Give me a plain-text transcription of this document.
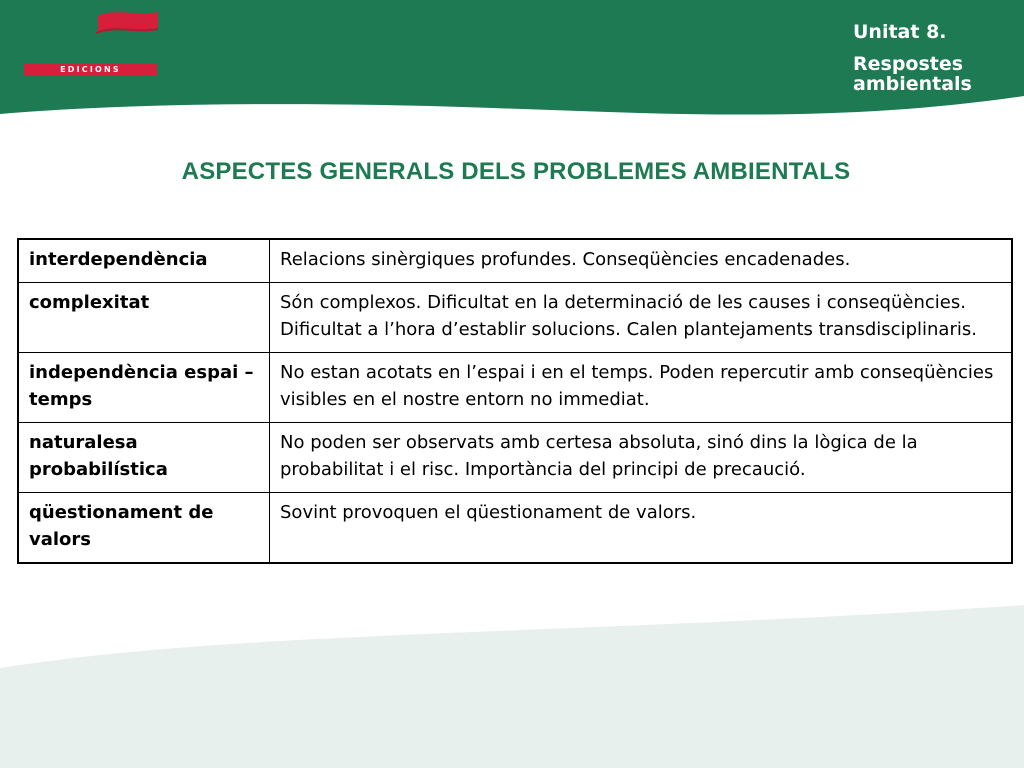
Castellnou
EDICIONS
Unitat 8.
Respostes ambientals
ASPECTES GENERALS DELS PROBLEMES AMBIENTALS
interdependència	Relacions sinèrgiques profundes. Conseqüències encadenades.
complexitat	Són complexos. Dificultat en la determinació de les causes i conseqüències. Dificultat a l’hora d’establir solucions. Calen plantejaments transdisciplinaris.
independència espai – temps	No estan acotats en l’espai i en el temps. Poden repercutir amb conseqüències visibles en el nostre entorn no immediat.
naturalesa probabilística	No poden ser observats amb certesa absoluta, sinó dins la lògica de la probabilitat i el risc. Importància del principi de precaució.
qüestionament de valors	Sovint provoquen el qüestionament de valors.
